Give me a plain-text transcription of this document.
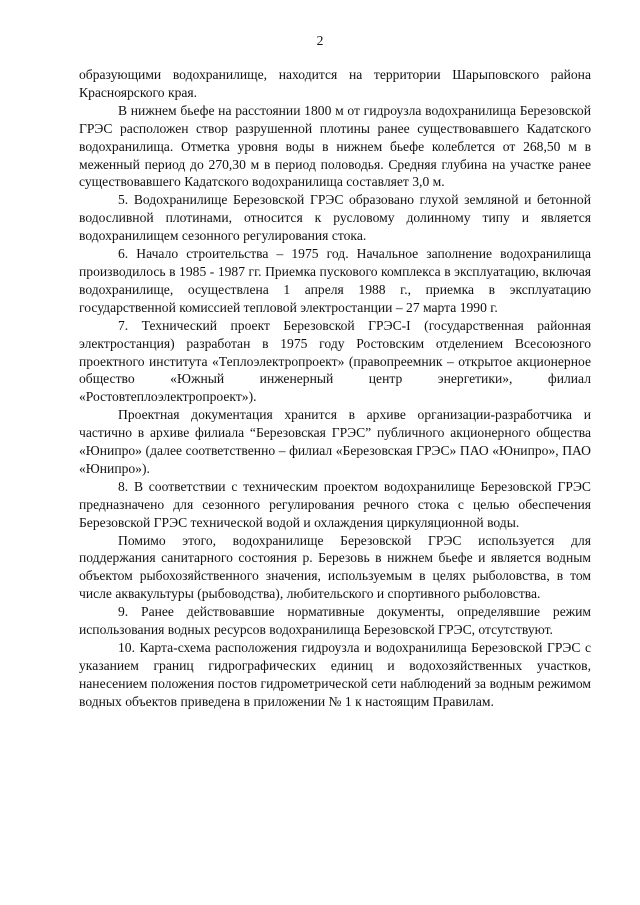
2

образующими водохранилище, находится на территории Шарыповского района Красноярского края.

В нижнем бьефе на расстоянии 1800 м от гидроузла водохранилища Березовской ГРЭС расположен створ разрушенной плотины ранее существовавшего Кадатского водохранилища. Отметка уровня воды в нижнем бьефе колеблется от 268,50 м в меженный период до 270,30 м в период половодья. Средняя глубина на участке ранее существовавшего Кадатского водохранилища составляет 3,0 м.

5. Водохранилище Березовской ГРЭС образовано глухой земляной и бетонной водосливной плотинами, относится к русловому долинному типу и является водохранилищем сезонного регулирования стока.

6. Начало строительства – 1975 год. Начальное заполнение водохранилища производилось в 1985 - 1987 гг. Приемка пускового комплекса в эксплуатацию, включая водохранилище, осуществлена 1 апреля 1988 г., приемка в эксплуатацию государственной комиссией тепловой электростанции – 27 марта 1990 г.

7. Технический проект Березовской ГРЭС-I (государственная районная электростанция) разработан в 1975 году Ростовским отделением Всесоюзного проектного института «Теплоэлектропроект» (правопреемник – открытое акционерное общество «Южный инженерный центр энергетики», филиал «Ростовтеплоэлектропроект»).

Проектная документация хранится в архиве организации-разработчика и частично в архиве филиала “Березовская ГРЭС” публичного акционерного общества «Юнипро» (далее соответственно – филиал «Березовская ГРЭС» ПАО «Юнипро», ПАО «Юнипро»).

8. В соответствии с техническим проектом водохранилище Березовской ГРЭС предназначено для сезонного регулирования речного стока с целью обеспечения Березовской ГРЭС технической водой и охлаждения циркуляционной воды.

Помимо этого, водохранилище Березовской ГРЭС используется для поддержания санитарного состояния р. Березовь в нижнем бьефе и является водным объектом рыбохозяйственного значения, используемым в целях рыболовства, в том числе аквакультуры (рыбоводства), любительского и спортивного рыболовства.

9. Ранее действовавшие нормативные документы, определявшие режим использования водных ресурсов водохранилища Березовской ГРЭС, отсутствуют.

10. Карта-схема расположения гидроузла и водохранилища Березовской ГРЭС с указанием границ гидрографических единиц и водохозяйственных участков, нанесением положения постов гидрометрической сети наблюдений за водным режимом водных объектов приведена в приложении № 1 к настоящим Правилам.
